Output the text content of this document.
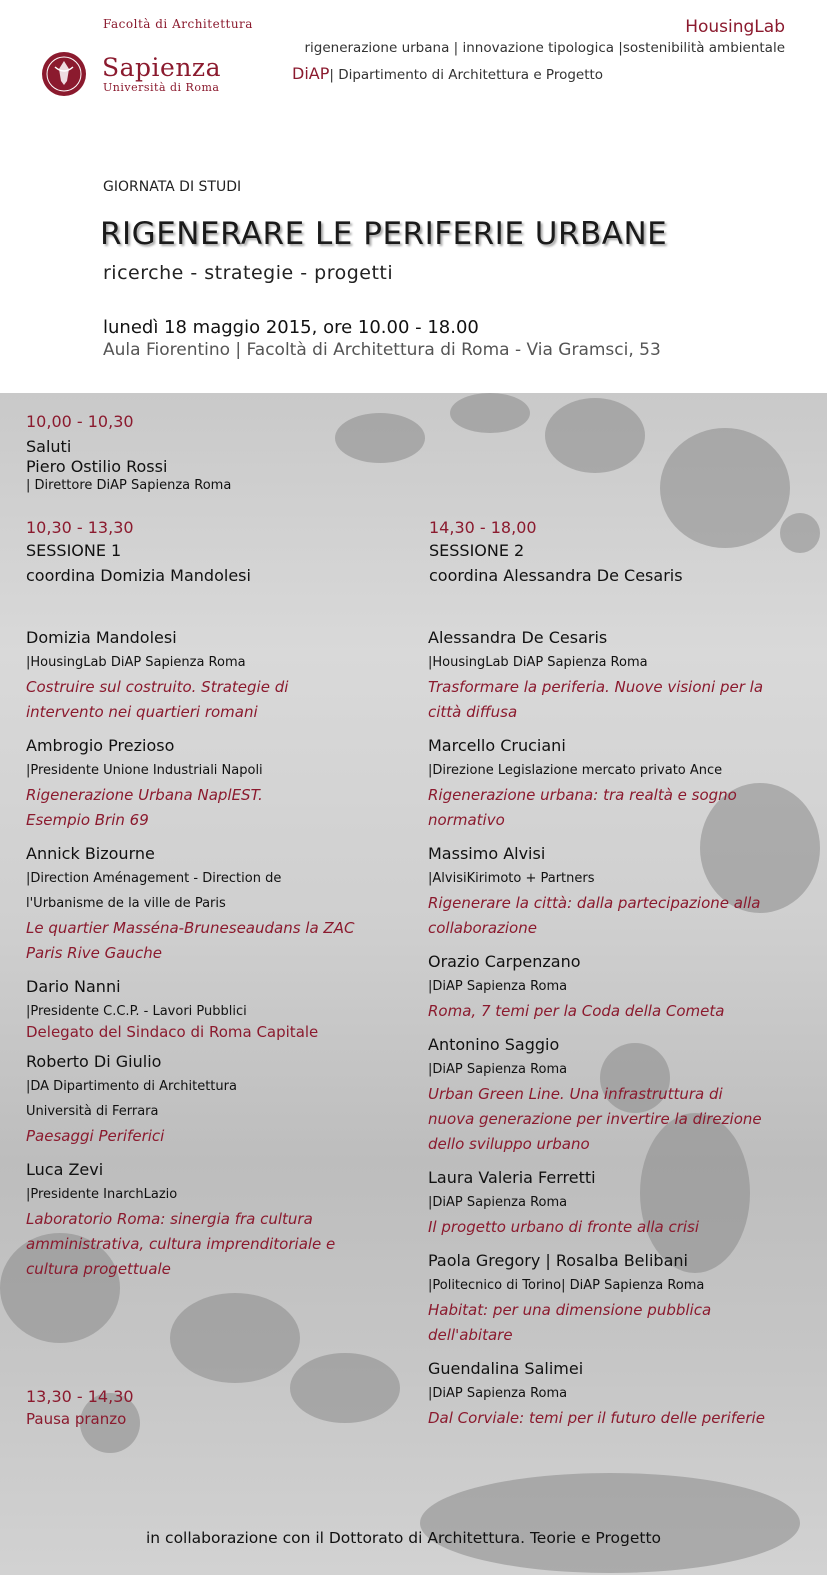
Facoltà di Architettura
Sapienza
Università di Roma
HousingLab
rigenerazione urbana | innovazione tipologica |sostenibilità ambientale
DiAP| Dipartimento di Architettura e Progetto
GIORNATA DI STUDI
RIGENERARE LE PERIFERIE URBANE
ricerche - strategie - progetti
lunedì 18 maggio 2015, ore 10.00 - 18.00
Aula Fiorentino | Facoltà di Architettura di Roma - Via Gramsci, 53
10,00 - 10,30
Saluti
Piero Ostilio Rossi
| Direttore DiAP Sapienza Roma
10,30 - 13,30
SESSIONE 1
coordina Domizia Mandolesi
14,30 - 18,00
SESSIONE 2
coordina Alessandra De Cesaris
Domizia Mandolesi
|HousingLab DiAP Sapienza Roma
Costruire sul costruito. Strategie di
intervento nei quartieri romani
Ambrogio Prezioso
|Presidente Unione Industriali Napoli
Rigenerazione Urbana NaplEST.
Esempio Brin 69
Annick Bizourne
|Direction Aménagement - Direction de
l'Urbanisme de la ville de Paris
Le quartier Masséna-Bruneseaudans la ZAC
Paris Rive Gauche
Dario Nanni
|Presidente C.C.P. - Lavori Pubblici
Delegato del Sindaco di Roma Capitale
Roberto Di Giulio
|DA Dipartimento di Architettura
Università di Ferrara
Paesaggi Periferici
Luca Zevi
|Presidente InarchLazio
Laboratorio Roma: sinergia fra cultura
amministrativa, cultura imprenditoriale e
cultura progettuale
Alessandra De Cesaris
|HousingLab DiAP Sapienza Roma
Trasformare la periferia. Nuove visioni per la
città diffusa
Marcello Cruciani
|Direzione Legislazione mercato privato Ance
Rigenerazione urbana: tra realtà e sogno
normativo
Massimo Alvisi
|AlvisiKirimoto + Partners
Rigenerare la città: dalla partecipazione alla
collaborazione
Orazio Carpenzano
|DiAP Sapienza Roma
Roma, 7 temi per la Coda della Cometa
Antonino Saggio
|DiAP Sapienza Roma
Urban Green Line. Una infrastruttura di
nuova generazione per invertire la direzione
dello sviluppo urbano
Laura Valeria Ferretti
|DiAP Sapienza Roma
Il progetto urbano di fronte alla crisi
Paola Gregory | Rosalba Belibani
|Politecnico di Torino| DiAP Sapienza Roma
Habitat: per una dimensione pubblica
dell'abitare
Guendalina Salimei
|DiAP Sapienza Roma
Dal Corviale: temi per il futuro delle periferie
13,30 - 14,30
Pausa pranzo
in collaborazione con il Dottorato di Architettura. Teorie e Progetto
